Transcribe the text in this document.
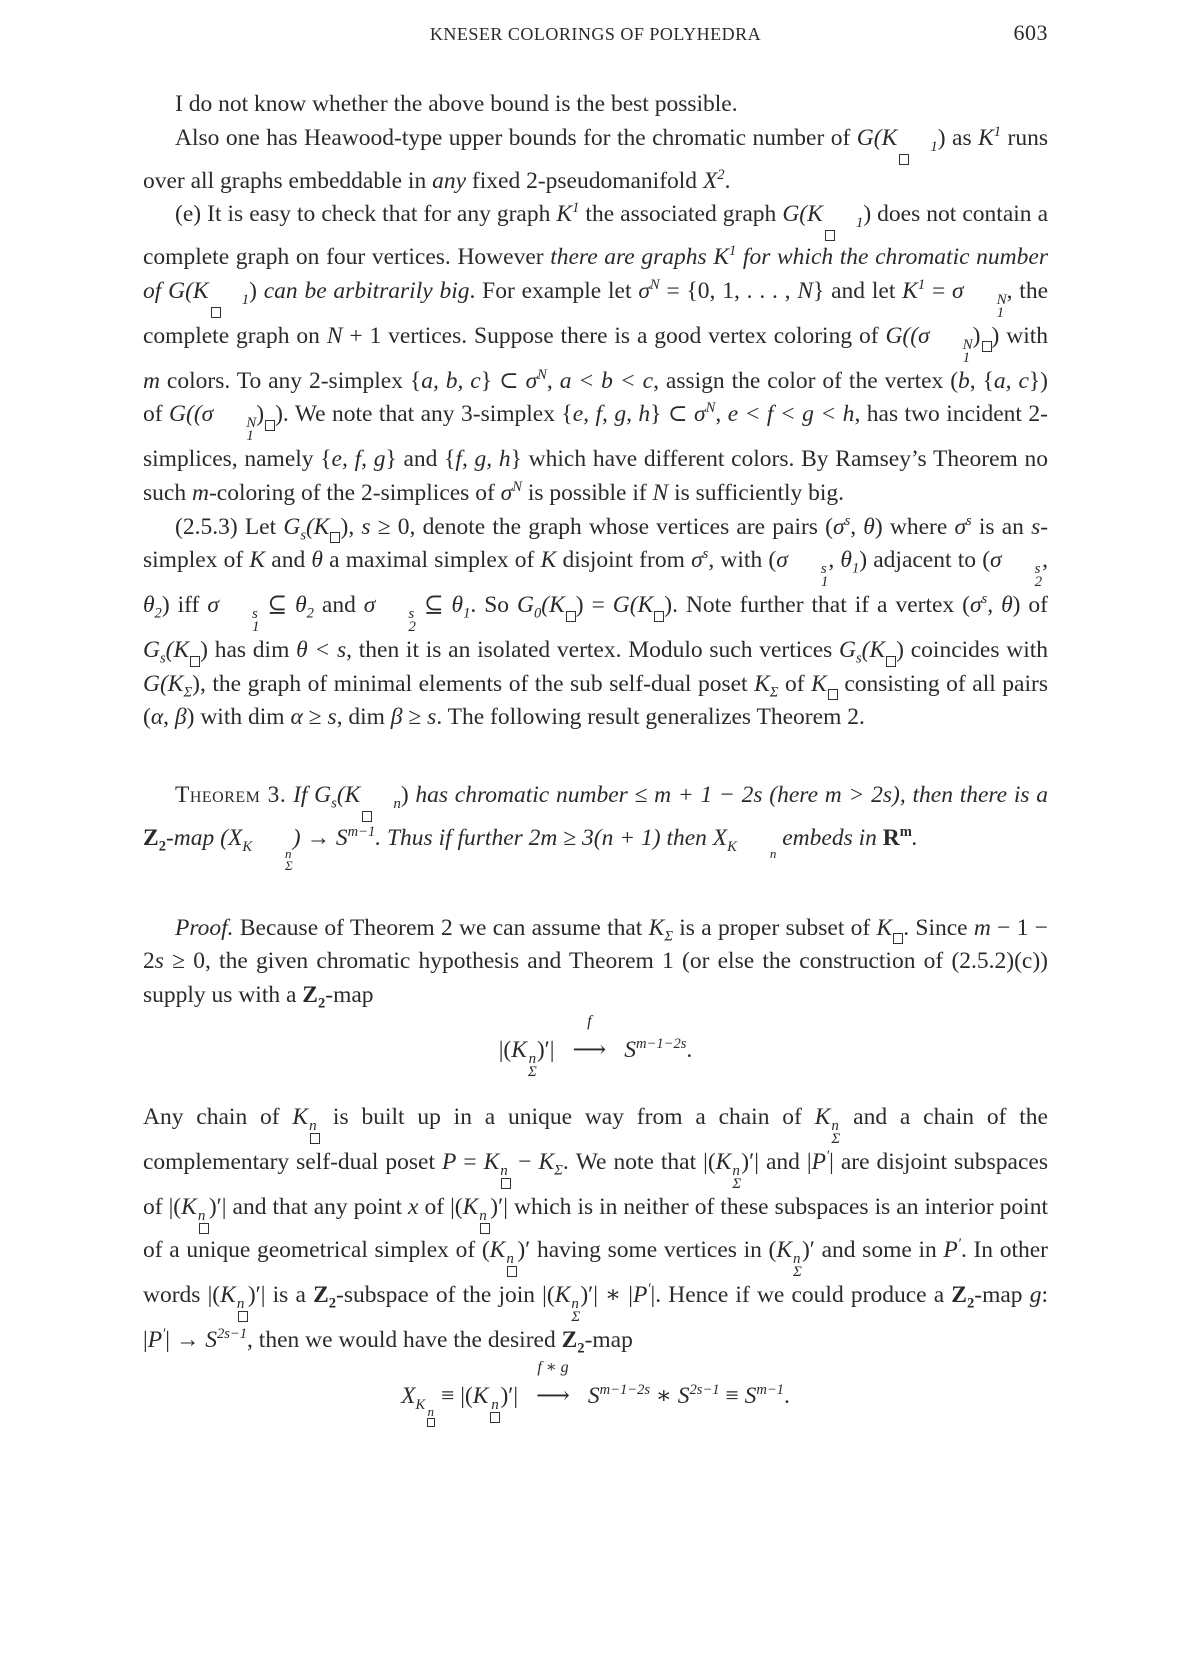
KNESER COLORINGS OF POLYHEDRA	603

I do not know whether the above bound is the best possible.

Also one has Heawood-type upper bounds for the chromatic number of G(K	1 ) as $K^1$ runs over all graphs embeddable in any fixed 2-pseudomanifold $X^2$.

(e) It is easy to check that for any graph $K^1$ the associated graph G(K	1 ) does not contain a complete graph on four vertices. However there are graphs $K^1$ for which the chromatic number of G(K	1 ) can be arbitrarily big. For example let $\sigma^N = \{0$, 1, . . . , N} and let $K^1 = \sigma$	N
1
, the complete graph on N + 1 vertices. Suppose there is a good vertex coloring of G((σ	N
1
) ) with m colors. To any 2-simplex {a, b, c} ⊂ $\sigma^N$, a < b < c, assign the color of the vertex (b, {a, c}) of G((σ	N
1
) ). We note that any 3-simplex {e, f, g, h} ⊂ $\sigma^N$, e < f < g < h, has two incident 2-simplices, namely {e, f, g} and {f, g, h} which have different colors. By Ramsey’s Theorem no such m-coloring of the 2-simplices of $\sigma^N$ is possible if N is sufficiently big.

(2.5.3) Let $G_s(K$ ), s ≥ 0, denote the graph whose vertices are pairs ($\sigma^s$, θ) where $\sigma^s$ is an s-simplex of K and θ a maximal simplex of K disjoint from $\sigma^s$, with (σ	s
1
, $\theta_1$) adjacent to (σ	s
2
, $\theta_2$) iff σ	s
1
⊆ $\theta_2$ and σ	s
2
⊆ $\theta_1$. So $G_0(K$ ) = G(K ). Note further that if a vertex ($\sigma^s$, θ) of $G_s(K$ ) has dim θ < s, then it is an isolated vertex. Modulo such vertices $G_s(K$ ) coincides with $G(K_\Sigma)$, the graph of minimal elements of the sub self-dual poset $K_\Sigma$ of K consisting of all pairs (α, β) with dim α ≥ s, dim β ≥ s. The following result generalizes Theorem 2.

Theorem 3. If $G_s(K$	n ) has chromatic number ≤ m + 1 − 2s (here m > 2s), then there is a $Z_2$-map ($X_{K n \Sigma}$
) → $S^{m-1}$. Thus if further 2m ≥ 3(n + 1) then $X_{K n}$
embeds in $R^m$.

Proof. Because of Theorem 2 we can assume that $K_\Sigma$ is a proper subset of K . Since m − 1 − 2s ≥ 0, the given chromatic hypothesis and Theorem 1 (or else the construction of (2.5.2)(c)) supply us with a $Z_2$-map

|(K n
Σ
)′|
f
⟶ $S^{m-1-2s}$.

Any chain of K n is built up in a unique way from a chain of K n
Σ
and a chain of the complementary self-dual poset P = K $n - K_\Sigma$. We note that |(K n
Σ
)′| and |P′| are disjoint subspaces of |(K n )′| and that any point x of |(K n )′| which is in neither of these subspaces is an interior point of a unique geometrical simplex of (K n )′ having some vertices in (K n
Σ
)′ and some in P′. In other words |(K n )′| is a $Z_2$-subspace of the join |(K n
Σ
)′| ∗ |P′|. Hence if we could produce a $Z_2$-map g: $|P'| \to S^{2s-1}$, then we would have the desired $Z_2$-map

$X_{K n}$
≡ |(K n )′|
f ∗ g
⟶ $S^{m-1-2s}$ ∗ $S^{2s-1} \equiv S^{m-1}$.
